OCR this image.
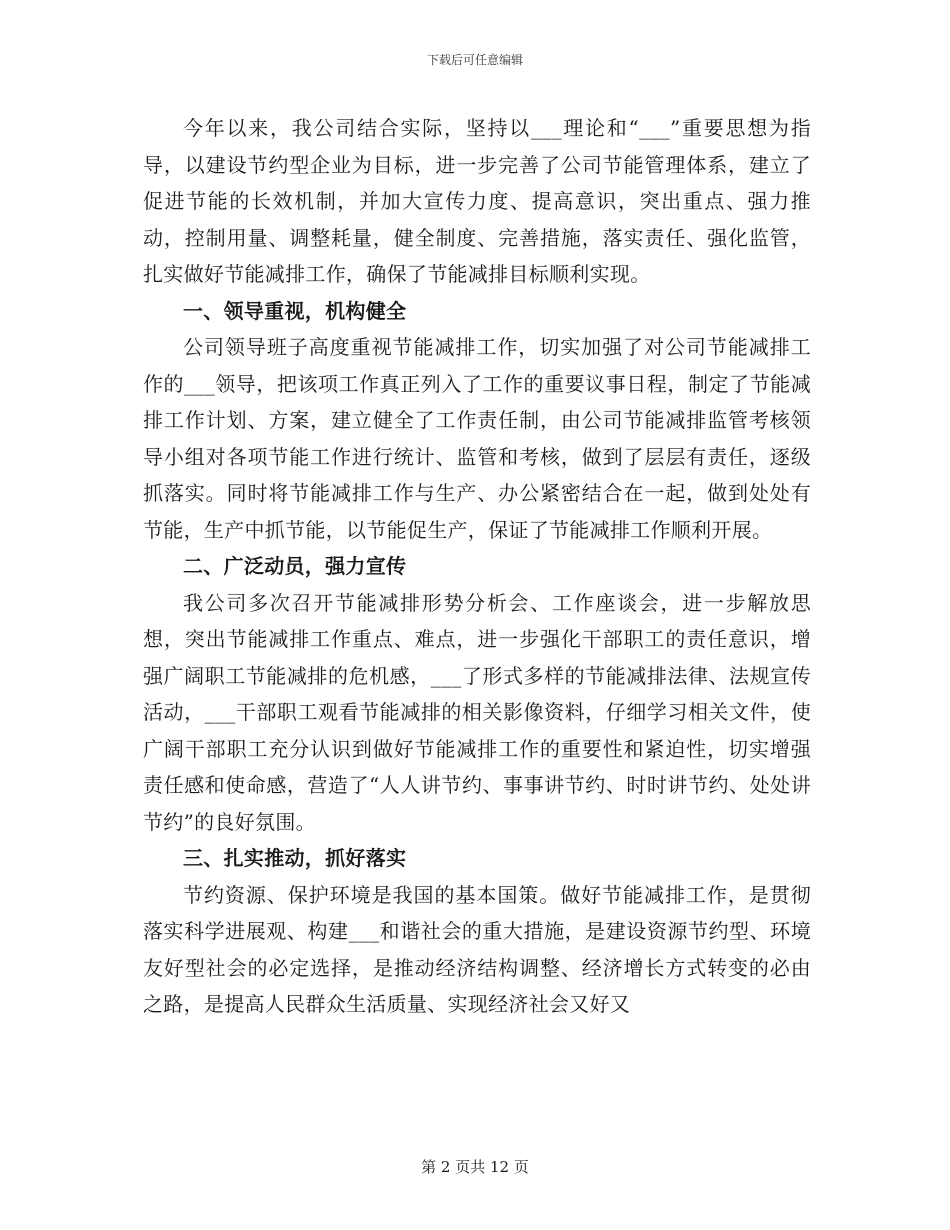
下载后可任意编辑

今年以来，我公司结合实际，坚持以___理论和“___”重要思想为指导，以建设节约型企业为目标，进一步完善了公司节能管理体系，建立了促进节能的长效机制，并加大宣传力度、提高意识，突出重点、强力推动，控制用量、调整耗量，健全制度、完善措施，落实责任、强化监管，扎实做好节能减排工作，确保了节能减排目标顺利实现。

一、领导重视，机构健全

公司领导班子高度重视节能减排工作，切实加强了对公司节能减排工作的___领导，把该项工作真正列入了工作的重要议事日程，制定了节能减排工作计划、方案，建立健全了工作责任制，由公司节能减排监管考核领导小组对各项节能工作进行统计、监管和考核，做到了层层有责任，逐级抓落实。同时将节能减排工作与生产、办公紧密结合在一起，做到处处有节能，生产中抓节能，以节能促生产，保证了节能减排工作顺利开展。

二、广泛动员，强力宣传

我公司多次召开节能减排形势分析会、工作座谈会，进一步解放思想，突出节能减排工作重点、难点，进一步强化干部职工的责任意识，增强广阔职工节能减排的危机感，___了形式多样的节能减排法律、法规宣传活动，___干部职工观看节能减排的相关影像资料，仔细学习相关文件，使广阔干部职工充分认识到做好节能减排工作的重要性和紧迫性，切实增强责任感和使命感，营造了“人人讲节约、事事讲节约、时时讲节约、处处讲节约”的良好氛围。

三、扎实推动，抓好落实

节约资源、保护环境是我国的基本国策。做好节能减排工作，是贯彻落实科学进展观、构建___和谐社会的重大措施，是建设资源节约型、环境友好型社会的必定选择，是推动经济结构调整、经济增长方式转变的必由之路，是提高人民群众生活质量、实现经济社会又好又

第 2 页共 12 页
